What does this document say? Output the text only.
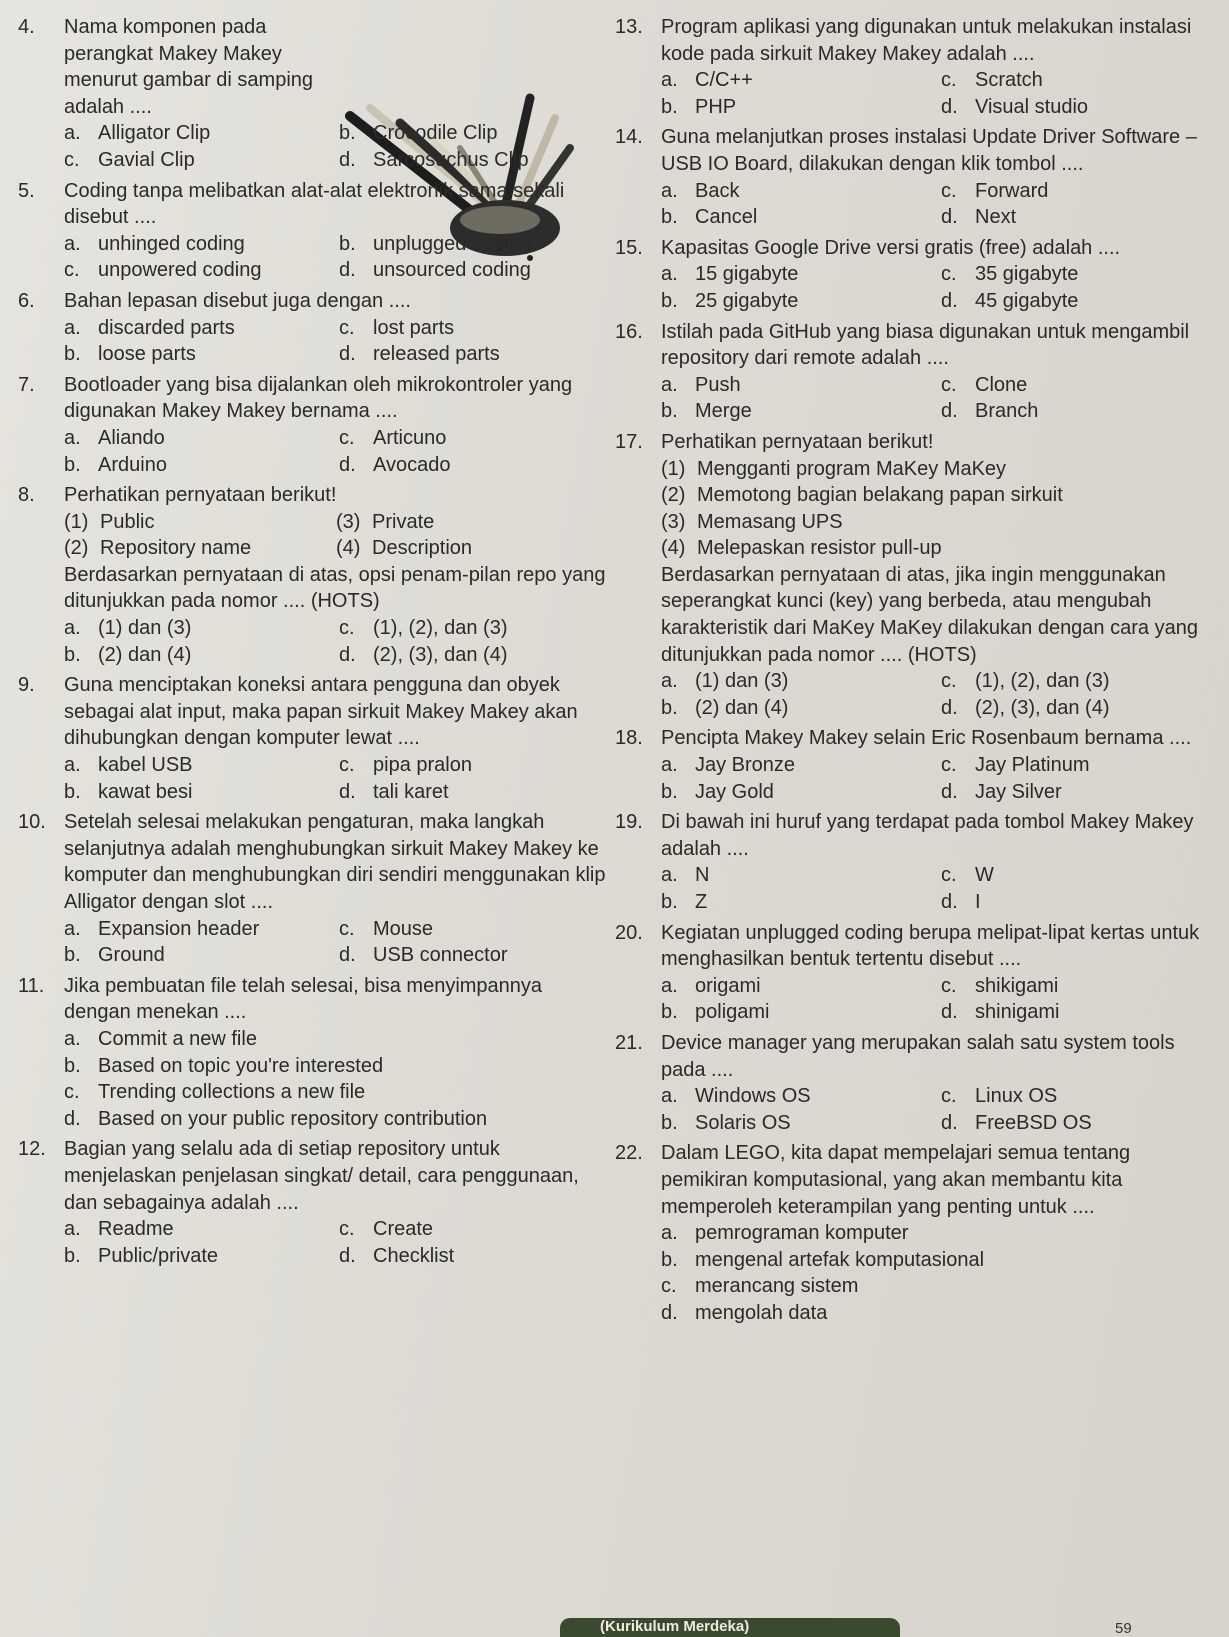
4.	Nama komponen pada perangkat Makey Makey menurut gambar di samping adalah ....
a. Alligator Clip	b. Crocodile Clip
c. Gavial Clip	d. Sarcosuchus Clip
5.	Coding tanpa melibatkan alat-alat elektronik sama sekali disebut ....
a. unhinged coding	b. unplugged coding
c. unpowered coding	d. unsourced coding
6.	Bahan lepasan disebut juga dengan ....
a. discarded parts	c. lost parts
b. loose parts	d. released parts
7.	Bootloader yang bisa dijalankan oleh mikrokontroler yang digunakan Makey Makey bernama ....
a. Aliando	c. Articuno
b. Arduino	d. Avocado
8.	Perhatikan pernyataan berikut!
(1) Public	(3) Private
(2) Repository name	(4) Description
Berdasarkan pernyataan di atas, opsi penam-pilan repo yang ditunjukkan pada nomor .... (HOTS)
a. (1) dan (3)	c. (1), (2), dan (3)
b. (2) dan (4)	d. (2), (3), dan (4)
9.	Guna menciptakan koneksi antara pengguna dan obyek sebagai alat input, maka papan sirkuit Makey Makey akan dihubungkan dengan komputer lewat ....
a. kabel USB	c. pipa pralon
b. kawat besi	d. tali karet
10. Setelah selesai melakukan pengaturan, maka langkah selanjutnya adalah menghubungkan sirkuit Makey Makey ke komputer dan menghubungkan diri sendiri menggunakan klip Alligator dengan slot ....
a. Expansion header	c. Mouse
b. Ground	d. USB connector
11. Jika pembuatan file telah selesai, bisa menyimpannya dengan menekan ....
a. Commit a new file
b. Based on topic you're interested
c. Trending collections a new file
d. Based on your public repository contribution
12. Bagian yang selalu ada di setiap repository untuk menjelaskan penjelasan singkat/ detail, cara penggunaan, dan sebagainya adalah ....
a. Readme	c. Create
b. Public/private	d. Checklist
13. Program aplikasi yang digunakan untuk melakukan instalasi kode pada sirkuit Makey Makey adalah ....
a. C/C++	c. Scratch
b. PHP	d. Visual studio
14. Guna melanjutkan proses instalasi Update Driver Software – USB IO Board, dilakukan dengan klik tombol ....
a. Back	c. Forward
b. Cancel	d. Next
15. Kapasitas Google Drive versi gratis (free) adalah ....
a. 15 gigabyte	c. 35 gigabyte
b. 25 gigabyte	d. 45 gigabyte
16. Istilah pada GitHub yang biasa digunakan untuk mengambil repository dari remote adalah ....
a. Push	c. Clone
b. Merge	d. Branch
17. Perhatikan pernyataan berikut!
(1) Mengganti program MaKey MaKey
(2) Memotong bagian belakang papan sirkuit
(3) Memasang UPS
(4) Melepaskan resistor pull-up
Berdasarkan pernyataan di atas, jika ingin menggunakan seperangkat kunci (key) yang berbeda, atau mengubah karakteristik dari MaKey MaKey dilakukan dengan cara yang ditunjukkan pada nomor .... (HOTS)
a. (1) dan (3)	c. (1), (2), dan (3)
b. (2) dan (4)	d. (2), (3), dan (4)
18. Pencipta Makey Makey selain Eric Rosenbaum bernama ....
a. Jay Bronze	c. Jay Platinum
b. Jay Gold	d. Jay Silver
19. Di bawah ini huruf yang terdapat pada tombol Makey Makey adalah ....
a. N	c. W
b. Z	d. I
20. Kegiatan unplugged coding berupa melipat-lipat kertas untuk menghasilkan bentuk tertentu disebut ....
a. origami	c. shikigami
b. poligami	d. shinigami
21. Device manager yang merupakan salah satu system tools pada ....
a. Windows OS	c. Linux OS
b. Solaris OS	d. FreeBSD OS
22. Dalam LEGO, kita dapat mempelajari semua tentang pemikiran komputasional, yang akan membantu kita memperoleh keterampilan yang penting untuk ....
a. pemrograman komputer
b. mengenal artefak komputasional
c. merancang sistem
d. mengolah data
(Kurikulum Merdeka)	59
